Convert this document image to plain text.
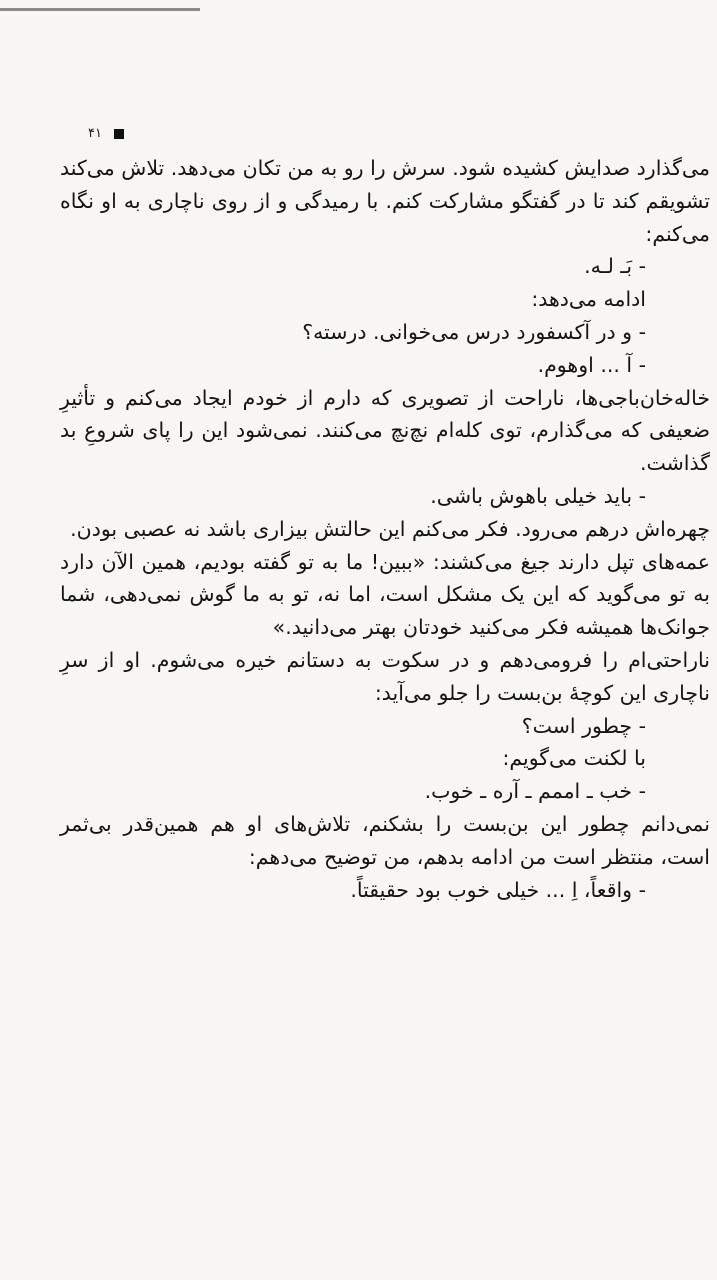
۴۱

می‌گذارد صدایش کشیده شود. سرش را رو به من تکان می‌دهد. تلاش می‌کند تشویقم کند تا در گفتگو مشارکت کنم. با رمیدگی و از روی ناچاری به او نگاه می‌کنم:

- بَـ لـه.

ادامه می‌دهد:

- و در آکسفورد درس می‌خوانی. درسته؟

- آ ... اوهوم.

خاله‌خان‌باجی‌ها، ناراحت از تصویری که دارم از خودم ایجاد می‌کنم و تأثیرِ ضعیفی که می‌گذارم، توی کله‌ام نچ‌نچ می‌کنند. نمی‌شود این را پای شروعِ بد گذاشت.

- باید خیلی باهوش باشی.

چهره‌اش درهم می‌رود. فکر می‌کنم این حالتش بیزاری باشد نه عصبی بودن.

عمه‌های تپل دارند جیغ می‌کشند: «ببین! ما به تو گفته بودیم، همین الآن دارد به تو می‌گوید که این یک مشکل است، اما نه، تو به ما گوش نمی‌دهی، شما جوانک‌ها همیشه فکر می‌کنید خودتان بهتر می‌دانید.»

ناراحتی‌ام را فرومی‌دهم و در سکوت به دستانم خیره می‌شوم. او از سرِ ناچاری این کوچهٔ بن‌بست را جلو می‌آید:

- چطور است؟

با لکنت می‌گویم:

- خب ـ اممم ـ آره ـ خوب.

نمی‌دانم چطور این بن‌بست را بشکنم، تلاش‌های او هم همین‌قدر بی‌ثمر است، منتظر است من ادامه بدهم، من توضیح می‌دهم:

- واقعاً، اِ ... خیلی خوب بود حقیقتاً.
